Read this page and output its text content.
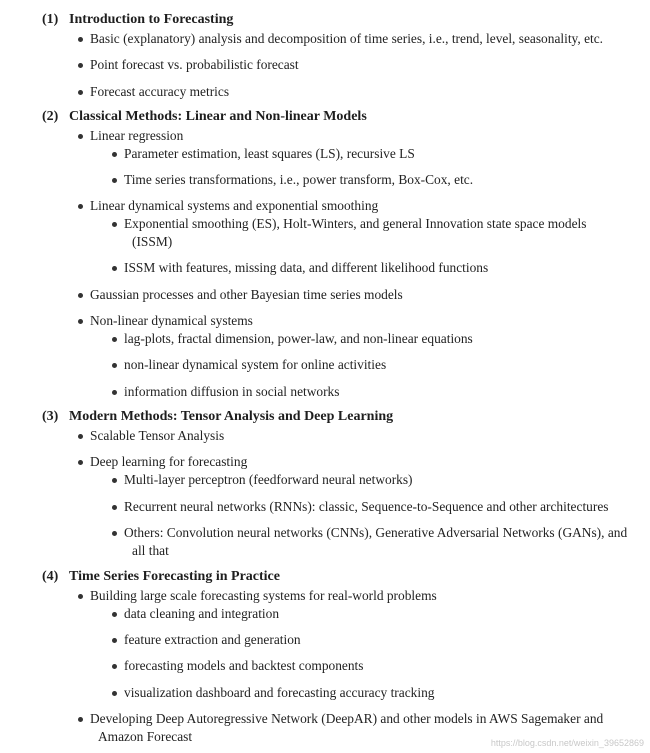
(1) Introduction to Forecasting
Basic (explanatory) analysis and decomposition of time series, i.e., trend, level, seasonality, etc.
Point forecast vs. probabilistic forecast
Forecast accuracy metrics
(2) Classical Methods: Linear and Non-linear Models
Linear regression
Parameter estimation, least squares (LS), recursive LS
Time series transformations, i.e., power transform, Box-Cox, etc.
Linear dynamical systems and exponential smoothing
Exponential smoothing (ES), Holt-Winters, and general Innovation state space models
(ISSM)
ISSM with features, missing data, and different likelihood functions
Gaussian processes and other Bayesian time series models
Non-linear dynamical systems
lag-plots, fractal dimension, power-law, and non-linear equations
non-linear dynamical system for online activities
information diffusion in social networks
(3) Modern Methods: Tensor Analysis and Deep Learning
Scalable Tensor Analysis
Deep learning for forecasting
Multi-layer perceptron (feedforward neural networks)
Recurrent neural networks (RNNs): classic, Sequence-to-Sequence and other architectures
Others: Convolution neural networks (CNNs), Generative Adversarial Networks (GANs), and
all that
(4) Time Series Forecasting in Practice
Building large scale forecasting systems for real-world problems
data cleaning and integration
feature extraction and generation
forecasting models and backtest components
visualization dashboard and forecasting accuracy tracking
Developing Deep Autoregressive Network (DeepAR) and other models in AWS Sagemaker and
Amazon Forecast	https://blog.csdn.net/weixin_39652869
